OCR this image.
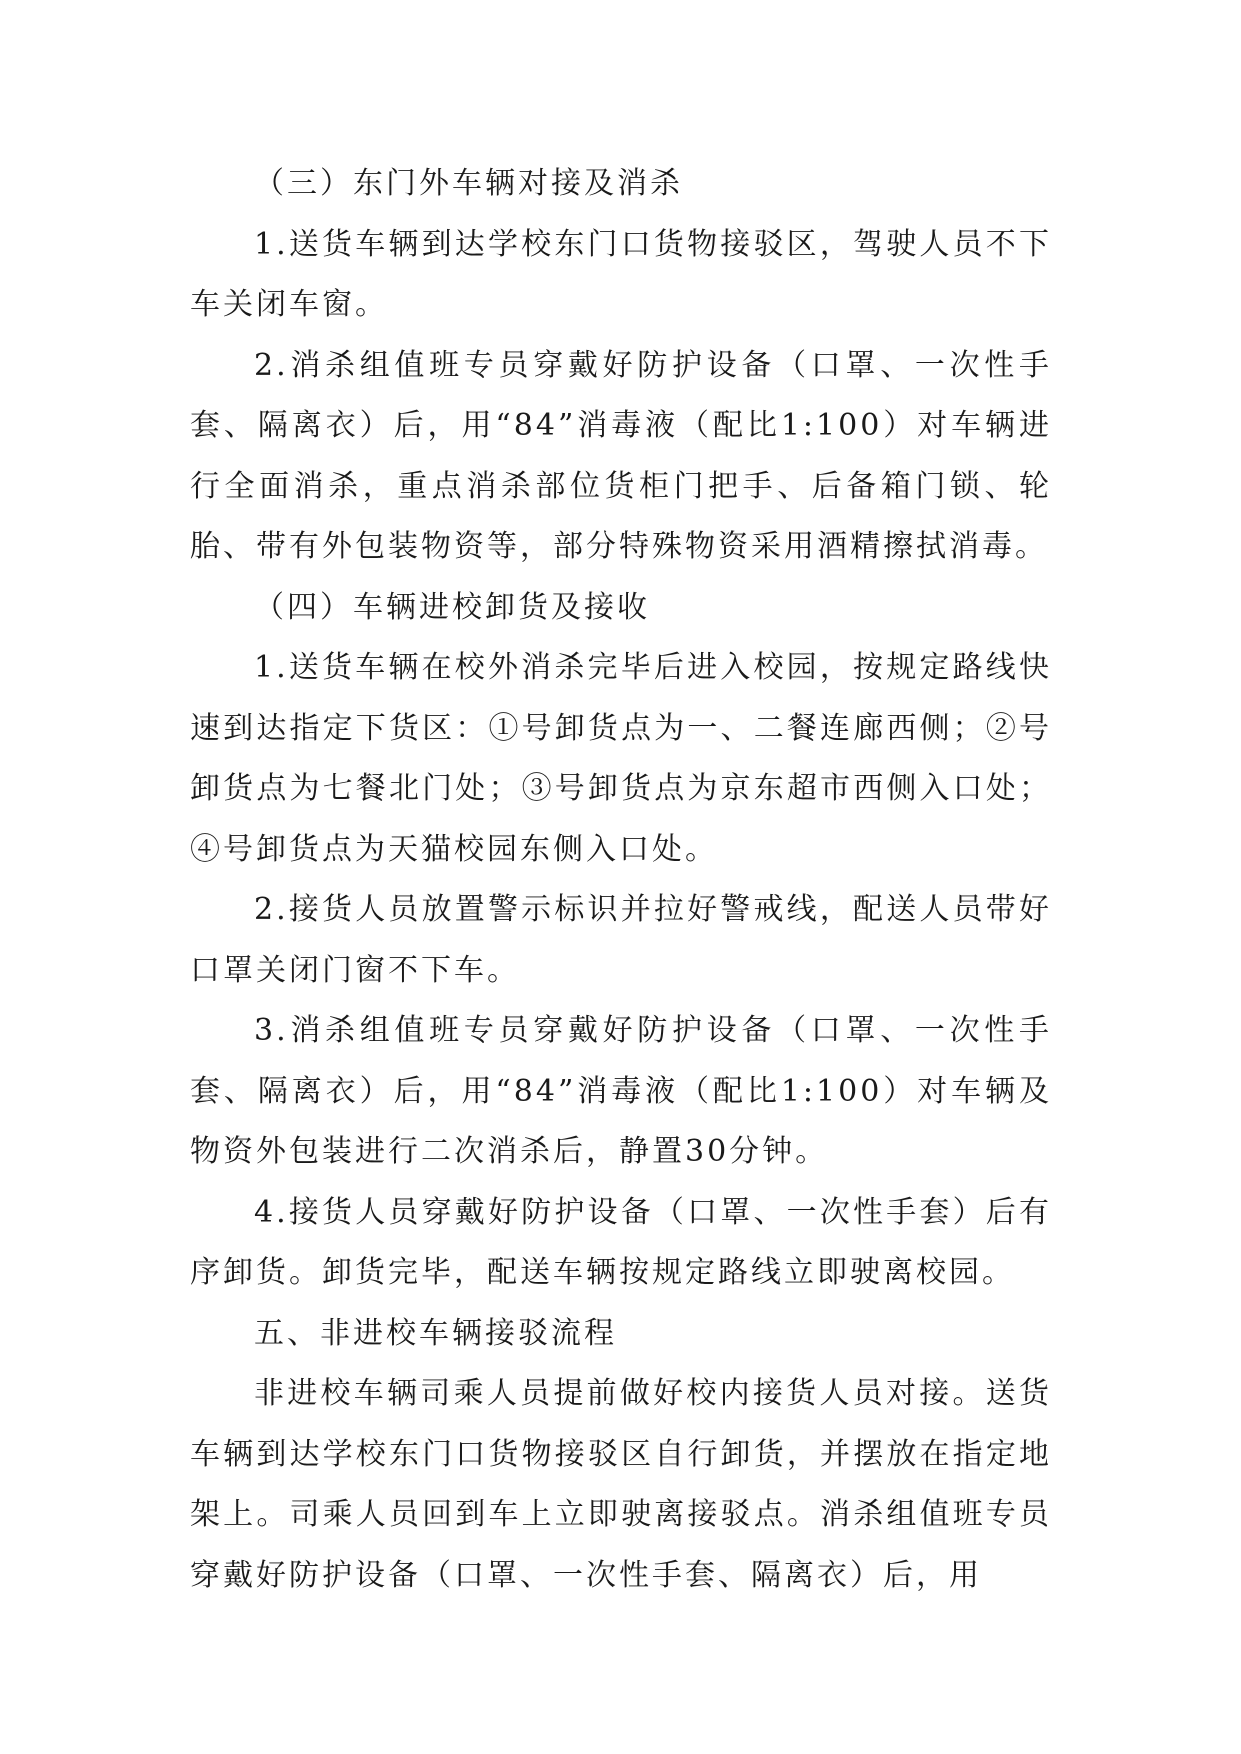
（三）东门外车辆对接及消杀

1.送货车辆到达学校东门口货物接驳区，驾驶人员不下车关闭车窗。

2.消杀组值班专员穿戴好防护设备（口罩、一次性手套、隔离衣）后，用“84”消毒液（配比1:100）对车辆进行全面消杀，重点消杀部位货柜门把手、后备箱门锁、轮胎、带有外包装物资等，部分特殊物资采用酒精擦拭消毒。

（四）车辆进校卸货及接收

1.送货车辆在校外消杀完毕后进入校园，按规定路线快速到达指定下货区：①号卸货点为一、二餐连廊西侧；②号卸货点为七餐北门处；③号卸货点为京东超市西侧入口处；④号卸货点为天猫校园东侧入口处。

2.接货人员放置警示标识并拉好警戒线，配送人员带好口罩关闭门窗不下车。

3.消杀组值班专员穿戴好防护设备（口罩、一次性手套、隔离衣）后，用“84”消毒液（配比1:100）对车辆及物资外包装进行二次消杀后，静置30分钟。

4.接货人员穿戴好防护设备（口罩、一次性手套）后有序卸货。卸货完毕，配送车辆按规定路线立即驶离校园。

五、非进校车辆接驳流程

非进校车辆司乘人员提前做好校内接货人员对接。送货车辆到达学校东门口货物接驳区自行卸货，并摆放在指定地架上。司乘人员回到车上立即驶离接驳点。消杀组值班专员穿戴好防护设备（口罩、一次性手套、隔离衣）后，用
